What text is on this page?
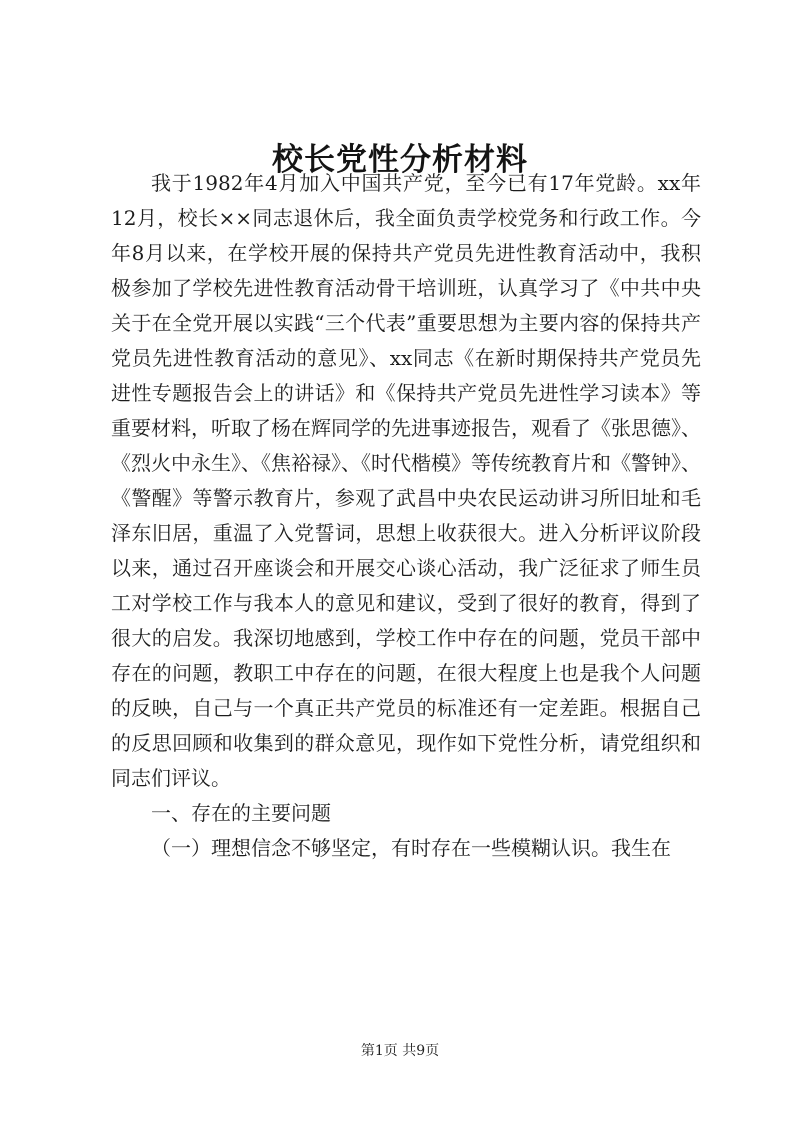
校长党性分析材料

我于1982年4月加入中国共产党，至今已有17年党龄。xx年12月，校长××同志退休后，我全面负责学校党务和行政工作。今年8月以来，在学校开展的保持共产党员先进性教育活动中，我积极参加了学校先进性教育活动骨干培训班，认真学习了《中共中央关于在全党开展以实践“三个代表”重要思想为主要内容的保持共产党员先进性教育活动的意见》、xx同志《在新时期保持共产党员先进性专题报告会上的讲话》和《保持共产党员先进性学习读本》等重要材料，听取了杨在辉同学的先进事迹报告，观看了《张思德》、《烈火中永生》、《焦裕禄》、《时代楷模》等传统教育片和《警钟》、《警醒》等警示教育片，参观了武昌中央农民运动讲习所旧址和毛泽东旧居，重温了入党誓词，思想上收获很大。进入分析评议阶段以来，通过召开座谈会和开展交心谈心活动，我广泛征求了师生员工对学校工作与我本人的意见和建议，受到了很好的教育，得到了很大的启发。我深切地感到，学校工作中存在的问题，党员干部中存在的问题，教职工中存在的问题，在很大程度上也是我个人问题的反映，自己与一个真正共产党员的标准还有一定差距。根据自己的反思回顾和收集到的群众意见，现作如下党性分析，请党组织和同志们评议。

一、存在的主要问题

（一）理想信念不够坚定，有时存在一些模糊认识。我生在

第1页 共9页
